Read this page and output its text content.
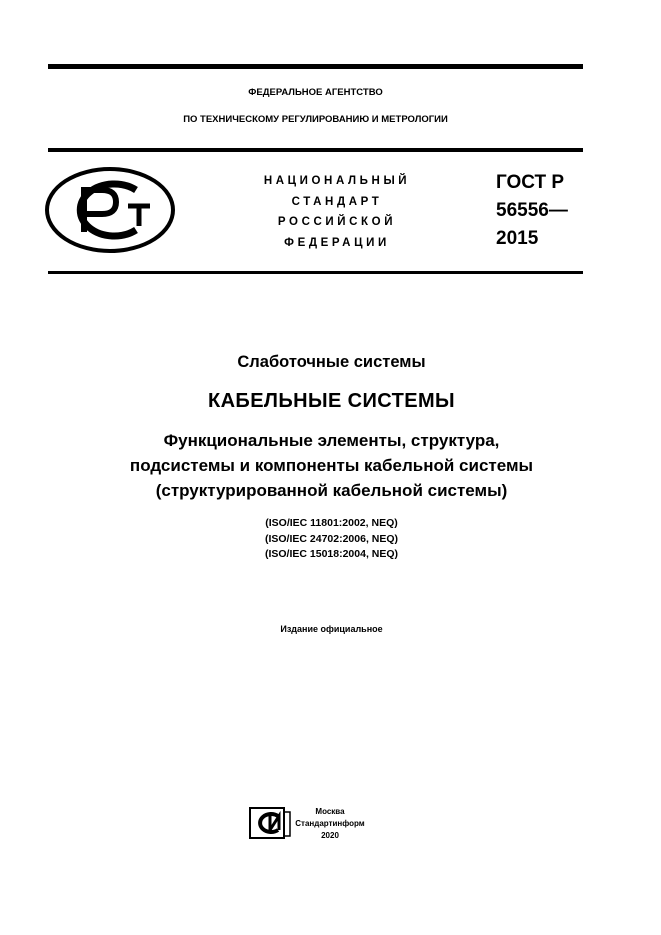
ФЕДЕРАЛЬНОЕ АГЕНТСТВО
ПО ТЕХНИЧЕСКОМУ РЕГУЛИРОВАНИЮ И МЕТРОЛОГИИ
НАЦИОНАЛЬНЫЙ
СТАНДАРТ
РОССИЙСКОЙ
ФЕДЕРАЦИИ
ГОСТ Р
56556—
2015
Слаботочные системы
КАБЕЛЬНЫЕ СИСТЕМЫ
Функциональные элементы, структура,
подсистемы и компоненты кабельной системы
(структурированной кабельной системы)
(ISO/IEC 11801:2002, NEQ)
(ISO/IEC 24702:2006, NEQ)
(ISO/IEC 15018:2004, NEQ)
Издание официальное
Москва
Стандартинформ
2020
